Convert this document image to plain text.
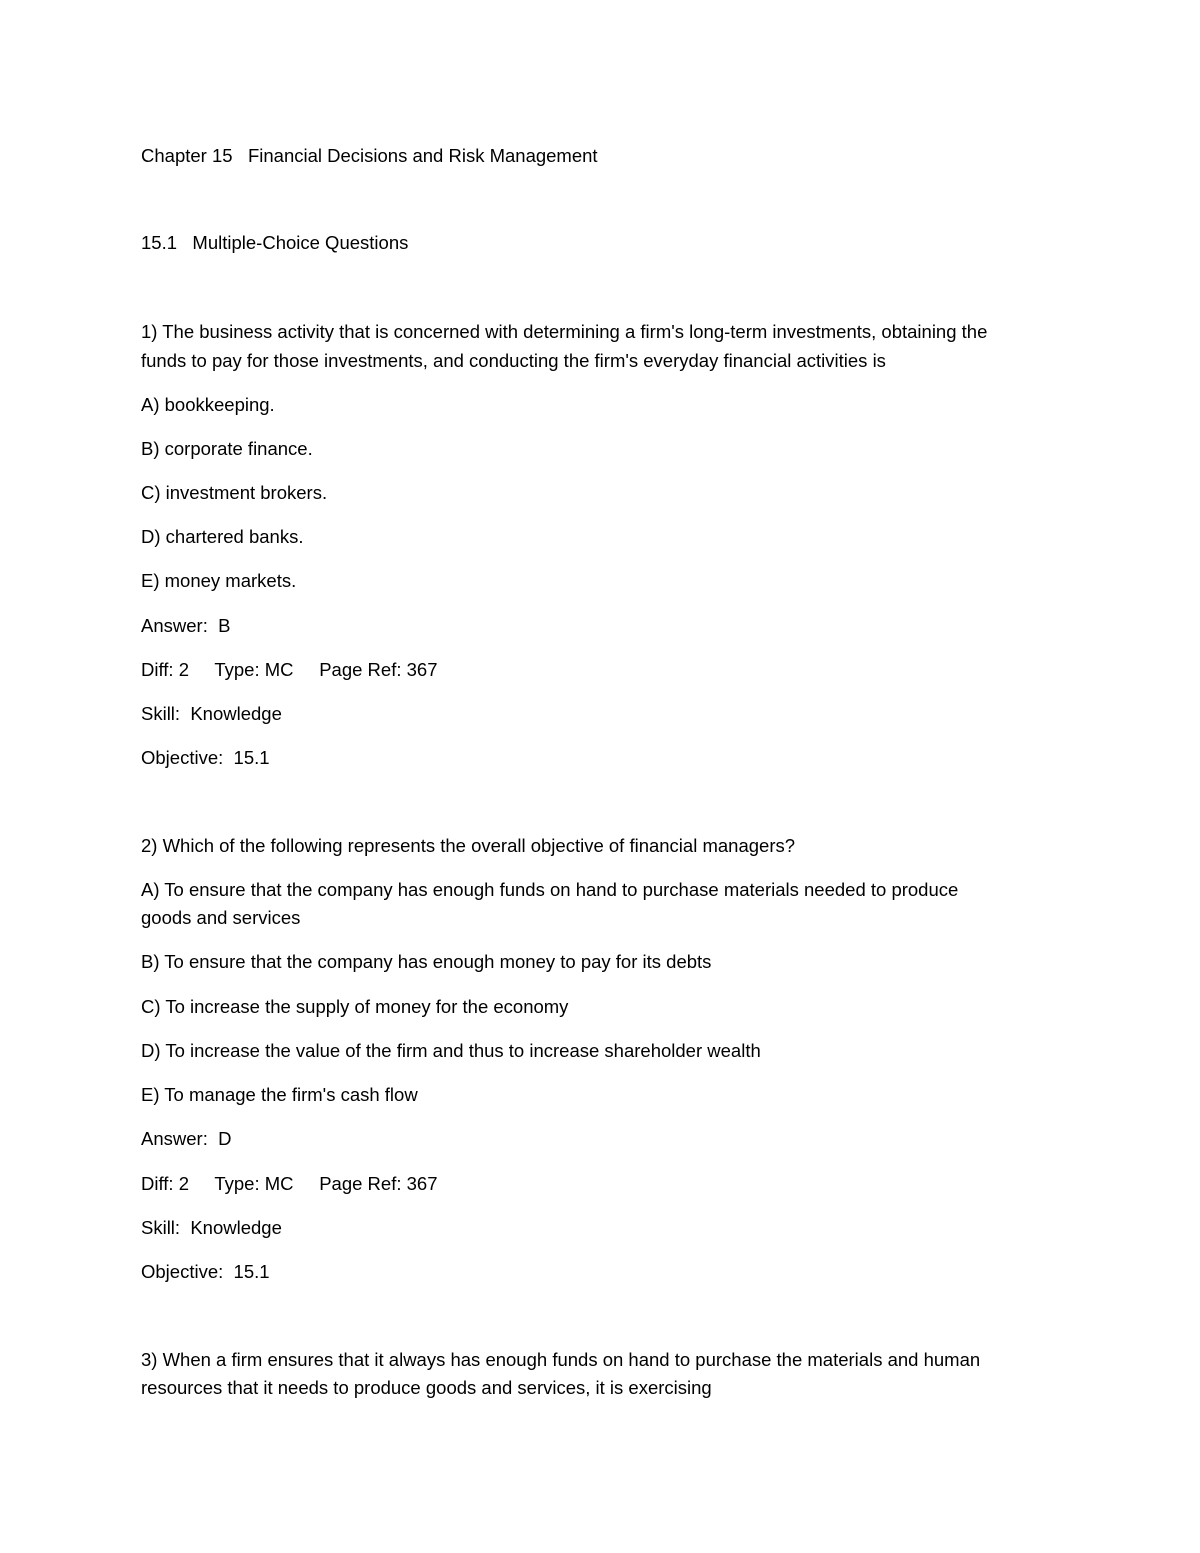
Chapter 15   Financial Decisions and Risk Management
15.1   Multiple-Choice Questions
1) The business activity that is concerned with determining a firm's long-term investments, obtaining the
funds to pay for those investments, and conducting the firm's everyday financial activities is
A) bookkeeping.
B) corporate finance.
C) investment brokers.
D) chartered banks.
E) money markets.
Answer:  B
Diff: 2     Type: MC     Page Ref: 367
Skill:  Knowledge
Objective:  15.1
2) Which of the following represents the overall objective of financial managers?
A) To ensure that the company has enough funds on hand to purchase materials needed to produce
goods and services
B) To ensure that the company has enough money to pay for its debts
C) To increase the supply of money for the economy
D) To increase the value of the firm and thus to increase shareholder wealth
E) To manage the firm's cash flow
Answer:  D
Diff: 2     Type: MC     Page Ref: 367
Skill:  Knowledge
Objective:  15.1
3) When a firm ensures that it always has enough funds on hand to purchase the materials and human
resources that it needs to produce goods and services, it is exercising
